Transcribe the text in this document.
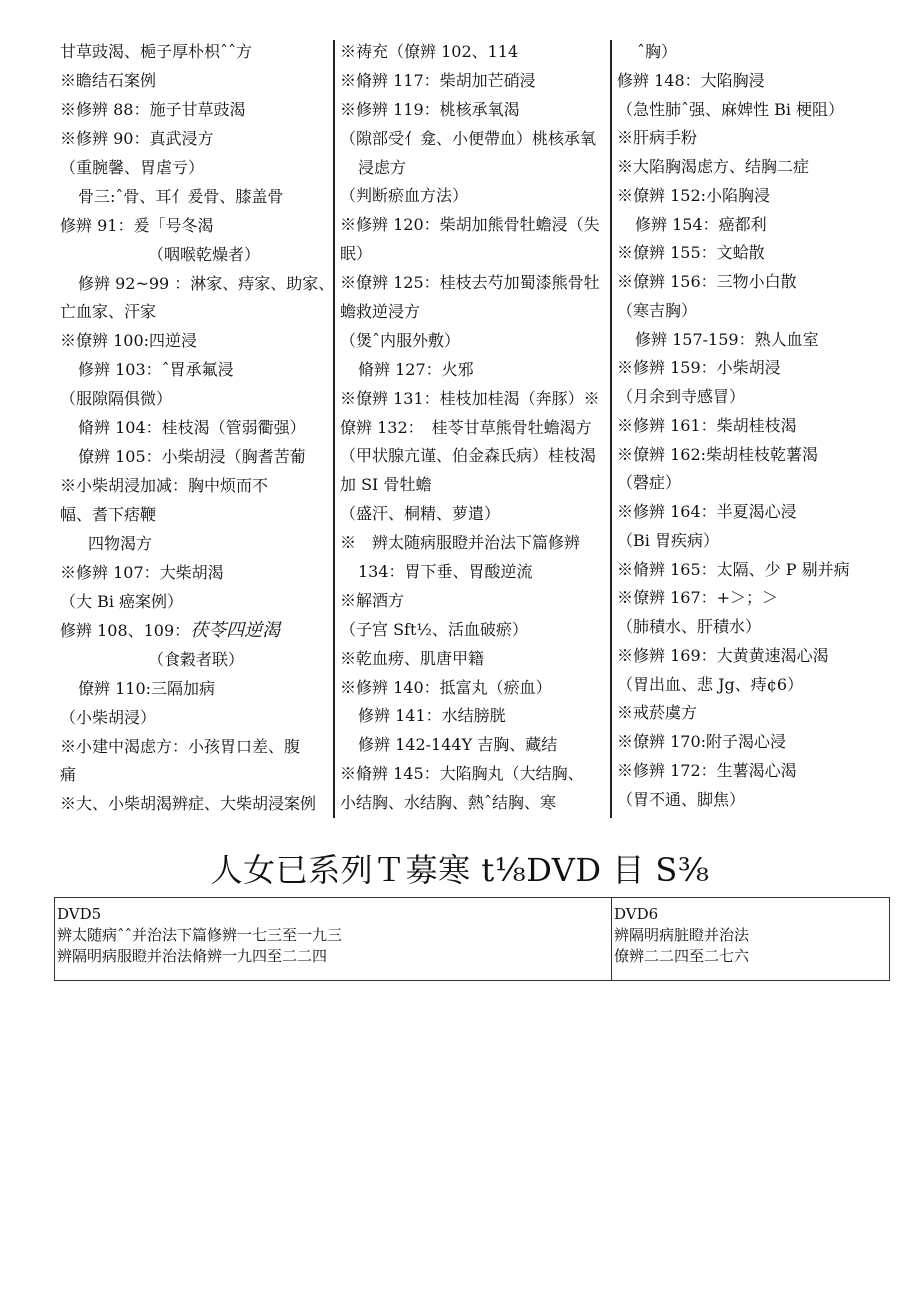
甘草豉渴、梔子厚朴枳ˆˆ方
※瞻结石案例
※修辨 88：施子甘草豉渴
※修辨 90：真武浸方
（重腕馨、胃虐亏）
骨三:ˆ骨、耳亻爰骨、膝盖骨
修辨 91：爰「号冬渴
（咽喉乾燥者）
修辨 92~99 ：淋家、痔家、助家、
亡血家、汗家
※僚辨 100:四逆浸
修辨 103：ˆ胃承氟浸
（服隙隔俱微）
脩辨 104：桂枝渴（管弱衢强）
僚辨 105：小柴胡浸（胸耆苦葡
※小柴胡浸加减：胸中烦而不
幅、耆下痞鞭
四物渴方
※修辨 107：大柴胡渴
（大 Bi 癌案例）
修辨 108、109：茯苓四逆渴
（食穀者联）
僚辨 110:三隔加病
（小柴胡浸）
※小建中渴虑方：小孩胃口差、腹
痛
※大、小柴胡渴辨症、大柴胡浸案例
※祷充（僚辨 102、114
※脩辨 117：柴胡加芒硝浸
※修辨 119：桃核承氧渴
（隙部受亻龛、小便帶血）桃核承氧
浸虑方
（判断瘀血方法）
※修辨 120：柴胡加熊骨牡蟾浸（失
眠）
※僚辨 125：桂枝去芍加蜀漆熊骨牡
蟾救逆浸方
（煲ˆ内服外敷）
脩辨 127：火邪
※僚辨 131：桂枝加桂渴（奔豚）※
僚辨 132：　桂苓甘草熊骨牡蟾渴方
（甲状腺亢谨、伯金森氏病）桂枝渴
加 SI 骨牡蟾
（盛汗、桐精、萝遣）
※　辨太随病服瞪并治法下篇修辨
134：胃下垂、胃酸逆流
※解酒方
（子宫 Sft½、活血破瘀）
※乾血痨、肌唐甲籍
※修辨 140：抵富丸（瘀血）
修辨 141：水结膀胱
修辨 142-144Y 吉胸、藏结
※脩辨 145：大陷胸丸（大结胸、
小结胸、水结胸、熱ˆ结胸、寒
ˆ胸）
修辨 148：大陷胸浸
（急性肺ˆ强、麻婢性 Bi 梗阻）
※肝病手粉
※大陷胸渴虑方、结胸二症
※僚辨 152:小陷胸浸
修辨 154：癌都利
※僚辨 155：文蛤散
※僚辨 156：三物小白散
（寒吉胸）
修辨 157-159：熟人血室
※修辨 159：小柴胡浸
（月余到寺感冒）
※修辨 161：柴胡桂枝渴
※僚辨 162:柴胡桂枝乾薯渴
（磬症）
※修辨 164：半夏渴心浸
（Bi 胃疾病）
※脩辨 165：太隔、少 P 剔并病
※僚辨 167：+＞；＞
（肺積水、肝積水）
※修辨 169：大黄黄速渴心渴
（胃出血、悲 Jg、痔¢6）
※戒菸虞方
※僚辨 170:附子渴心浸
※修辨 172：生薯渴心渴
（胃不通、脚焦）
人女已系列Ｔ募寒 t⅛DVD 目 S⅜
DVD5
辨太随病ˆˆ并治法下篇修辨一七三至一九三
辨隔明病服瞪并治法脩辨一九四至二二四
DVD6
辨隔明病脏瞪并治法
僚辨二二四至二七六
